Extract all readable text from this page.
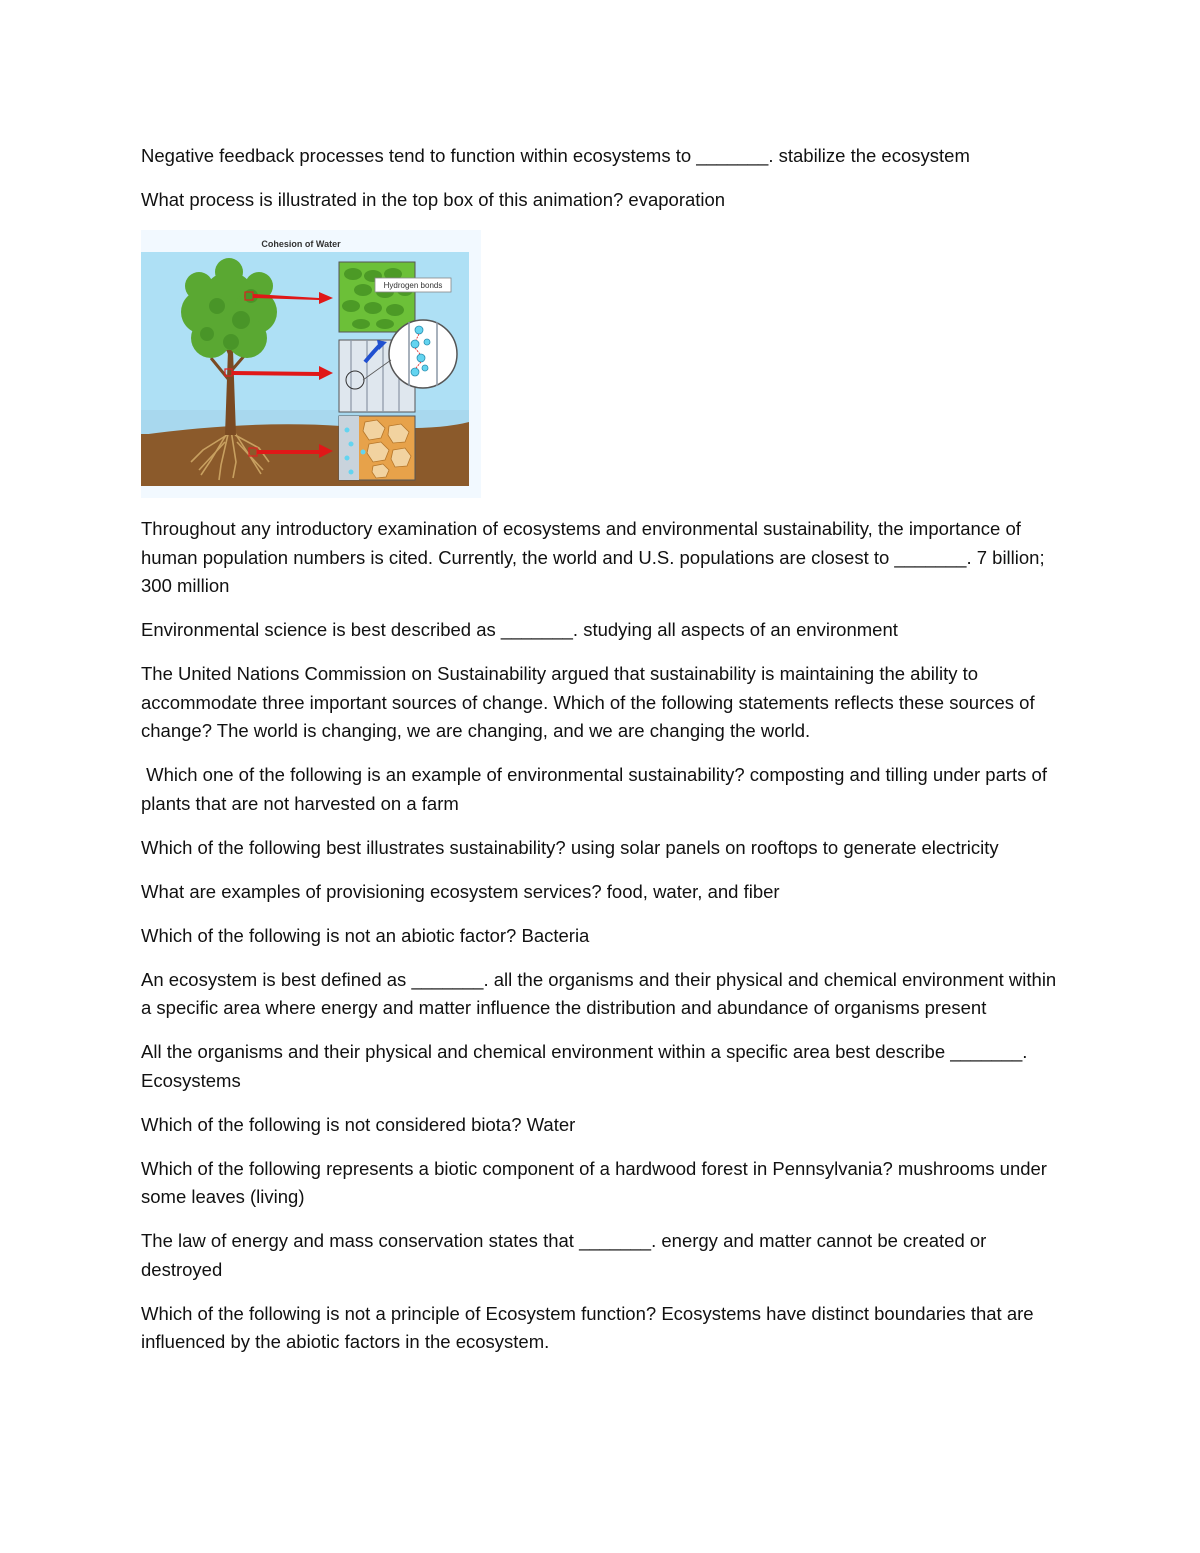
Negative feedback processes tend to function within ecosystems to _______. stabilize the ecosystem

What process is illustrated in the top box of this animation? evaporation

Cohesion of Water
Hydrogen bonds

Throughout any introductory examination of ecosystems and environmental sustainability, the importance of human population numbers is cited. Currently, the world and U.S. populations are closest to _______. 7 billion; 300 million

Environmental science is best described as _______. studying all aspects of an environment

The United Nations Commission on Sustainability argued that sustainability is maintaining the ability to accommodate three important sources of change. Which of the following statements reflects these sources of change? The world is changing, we are changing, and we are changing the world.

Which one of the following is an example of environmental sustainability? composting and tilling under parts of plants that are not harvested on a farm

Which of the following best illustrates sustainability? using solar panels on rooftops to generate electricity

What are examples of provisioning ecosystem services? food, water, and fiber

Which of the following is not an abiotic factor? Bacteria

An ecosystem is best defined as _______. all the organisms and their physical and chemical environment within a specific area where energy and matter influence the distribution and abundance of organisms present

All the organisms and their physical and chemical environment within a specific area best describe _______. Ecosystems

Which of the following is not considered biota? Water

Which of the following represents a biotic component of a hardwood forest in Pennsylvania? mushrooms under some leaves (living)

The law of energy and mass conservation states that _______. energy and matter cannot be created or destroyed

Which of the following is not a principle of Ecosystem function? Ecosystems have distinct boundaries that are influenced by the abiotic factors in the ecosystem.
